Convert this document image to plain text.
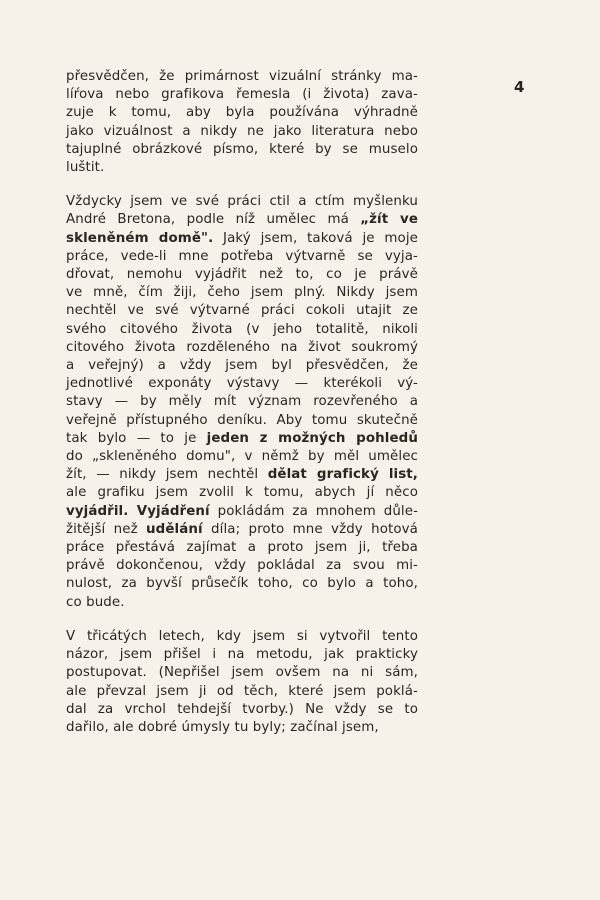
4
přesvědčen, že primárnost vizuální stránky ma-
líŕova nebo grafikova řemesla (i života) zava-
zuje k tomu, aby byla používána výhradně
jako vizuálnost a nikdy ne jako literatura nebo
tajuplné obrázkové písmo, které by se muselo
luštit.
Vždycky jsem ve své práci ctil a ctím myšlenku
André Bretona, podle níž umělec má „žít ve
skleněném domě". Jaký jsem, taková je moje
práce, vede-li mne potřeba výtvarně se vyja-
dřovat, nemohu vyjádřit než to, co je právě
ve mně, čím žiji, čeho jsem plný. Nikdy jsem
nechtěl ve své výtvarné práci cokoli utajit ze
svého citového života (v jeho totalitě, nikoli
citového života rozděleného na život soukromý
a veřejný) a vždy jsem byl přesvědčen, že
jednotlivé exponáty výstavy — kterékoli vý-
stavy — by měly mít význam rozevřeného a
veřejně přístupného deníku. Aby tomu skutečně
tak bylo — to je jeden z možných pohledů
do „skleněného domu", v němž by měl umělec
žít, — nikdy jsem nechtěl dělat grafický list,
ale grafiku jsem zvolil k tomu, abych jí něco
vyjádřil. Vyjádření pokládám za mnohem důle-
žitější než udělání díla; proto mne vždy hotová
práce přestává zajímat a proto jsem ji, třeba
právě dokončenou, vždy pokládal za svou mi-
nulost, za byvší průsečík toho, co bylo a toho,
co bude.
V třicátých letech, kdy jsem si vytvořil tento
názor, jsem přišel i na metodu, jak prakticky
postupovat. (Nepřišel jsem ovšem na ni sám,
ale převzal jsem ji od těch, které jsem poklá-
dal za vrchol tehdejší tvorby.) Ne vždy se to
dařilo, ale dobré úmysly tu byly; začínal jsem,
